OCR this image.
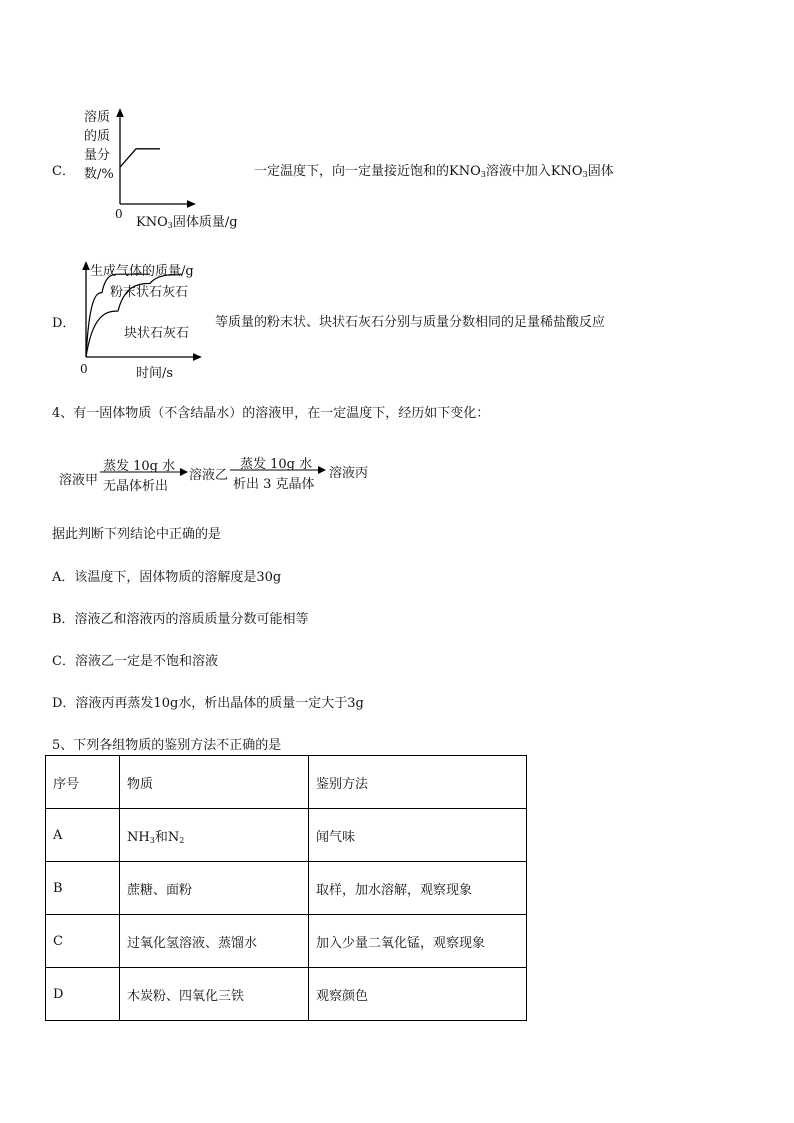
C．
溶质
的质
量分
数/%
0
$KNO_3$固体质量/g
一定温度下，向一定量接近饱和的$KNO_3$溶液中加入$KNO_3$固体
D．
生成气体的质量/g
粉末状石灰石
块状石灰石
0	时间/s
等质量的粉末状、块状石灰石分别与质量分数相同的足量稀盐酸反应
4、有一固体物质（不含结晶水）的溶液甲，在一定温度下，经历如下变化：
溶液甲
蒸发 10g 水
无晶体析出
溶液乙
蒸发 10g 水
析出 3 克晶体
溶液丙
据此判断下列结论中正确的是
A．该温度下，固体物质的溶解度是30g
B．溶液乙和溶液丙的溶质质量分数可能相等
C．溶液乙一定是不饱和溶液
D．溶液丙再蒸发10g水，析出晶体的质量一定大于3g
5、下列各组物质的鉴别方法不正确的是
序号	物质	鉴别方法
A	$NH_3$和$N_2$	闻气味
B	蔗糖、面粉	取样，加水溶解，观察现象
C	过氧化氢溶液、蒸馏水	加入少量二氧化锰，观察现象
D	木炭粉、四氧化三铁	观察颜色
